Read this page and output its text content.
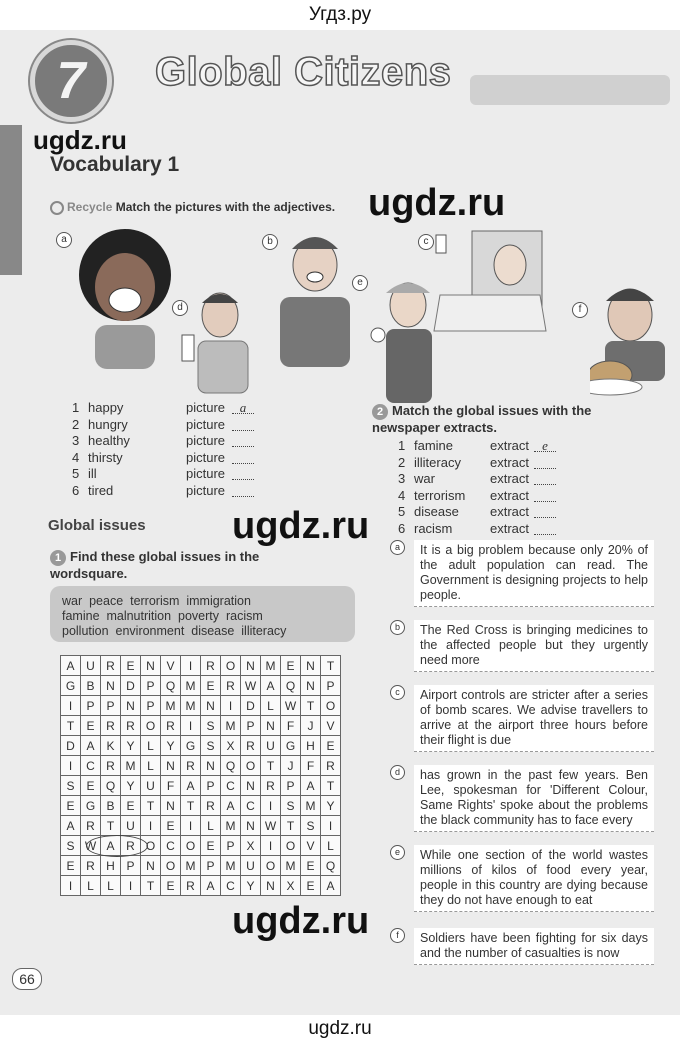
Угдз.ру
7	Global Citizens
ugdz.ru
ugdz.ru
ugdz.ru
ugdz.ru
Vocabulary 1
Recycle Match the pictures with the adjectives.
a	b	c
d
e
f
1 happy	picture	a
2 hungry	picture
3 healthy	picture
4 thirsty	picture
5 ill	picture
6 tired	picture
2 Match the global issues with the newspaper extracts.
1 famine	extract	e
2 illiteracy extract
3 war	extract
4 terrorism extract
5 disease extract
6 racism	extract
Global issues
1 Find these global issues in the wordsquare.
war  peace  terrorism  immigration
famine  malnutrition  poverty  racism
pollution  environment  disease  illiteracy
A	U	R	E	N	V	I	R	O	N	M	E	N	T
G	B	N	D	P	Q	M	E	R	W	A	Q	N	P
I	P	P	N	P	M	M	N	I	D	L	W	T	O
T	E	R	R	O	R	I	S	M	P	N	F	J	V
D	A	K	Y	L	Y	G	S	X	R	U	G	H	E
I	C	R	M	L	N	R	N	Q	O	T	J	F	R
S	E	Q	Y	U	F	A	P	C	N	R	P	A	T
E	G	B	E	T	N	T	R	A	C	I	S	M	Y
A	R	T	U	I	E	I	L	M	N	W	T	S	I
S	W	A	R	O	C	O	E	P	X	I	O	V	L
E	R	H	P	N	O	M	P	M	U	O	M	E	Q
I	L	L	I	T	E	R	A	C	Y	N	X	E	A
a	It is a big problem because only 20% of the adult population can read. The Government is designing projects to help people.
b	The Red Cross is bringing medicines to the affected people but they urgently need more
c	Airport controls are stricter after a series of bomb scares. We advise travellers to arrive at the airport three hours before their flight is due
d	has grown in the past few years. Ben Lee, spokesman for 'Different Colour, Same Rights' spoke about the problems the black community has to face every
e	While one section of the world wastes millions of kilos of food every year, people in this country are dying because they do not have enough to eat
f	Soldiers have been fighting for six days and the number of casualties is now
66
ugdz.ru
